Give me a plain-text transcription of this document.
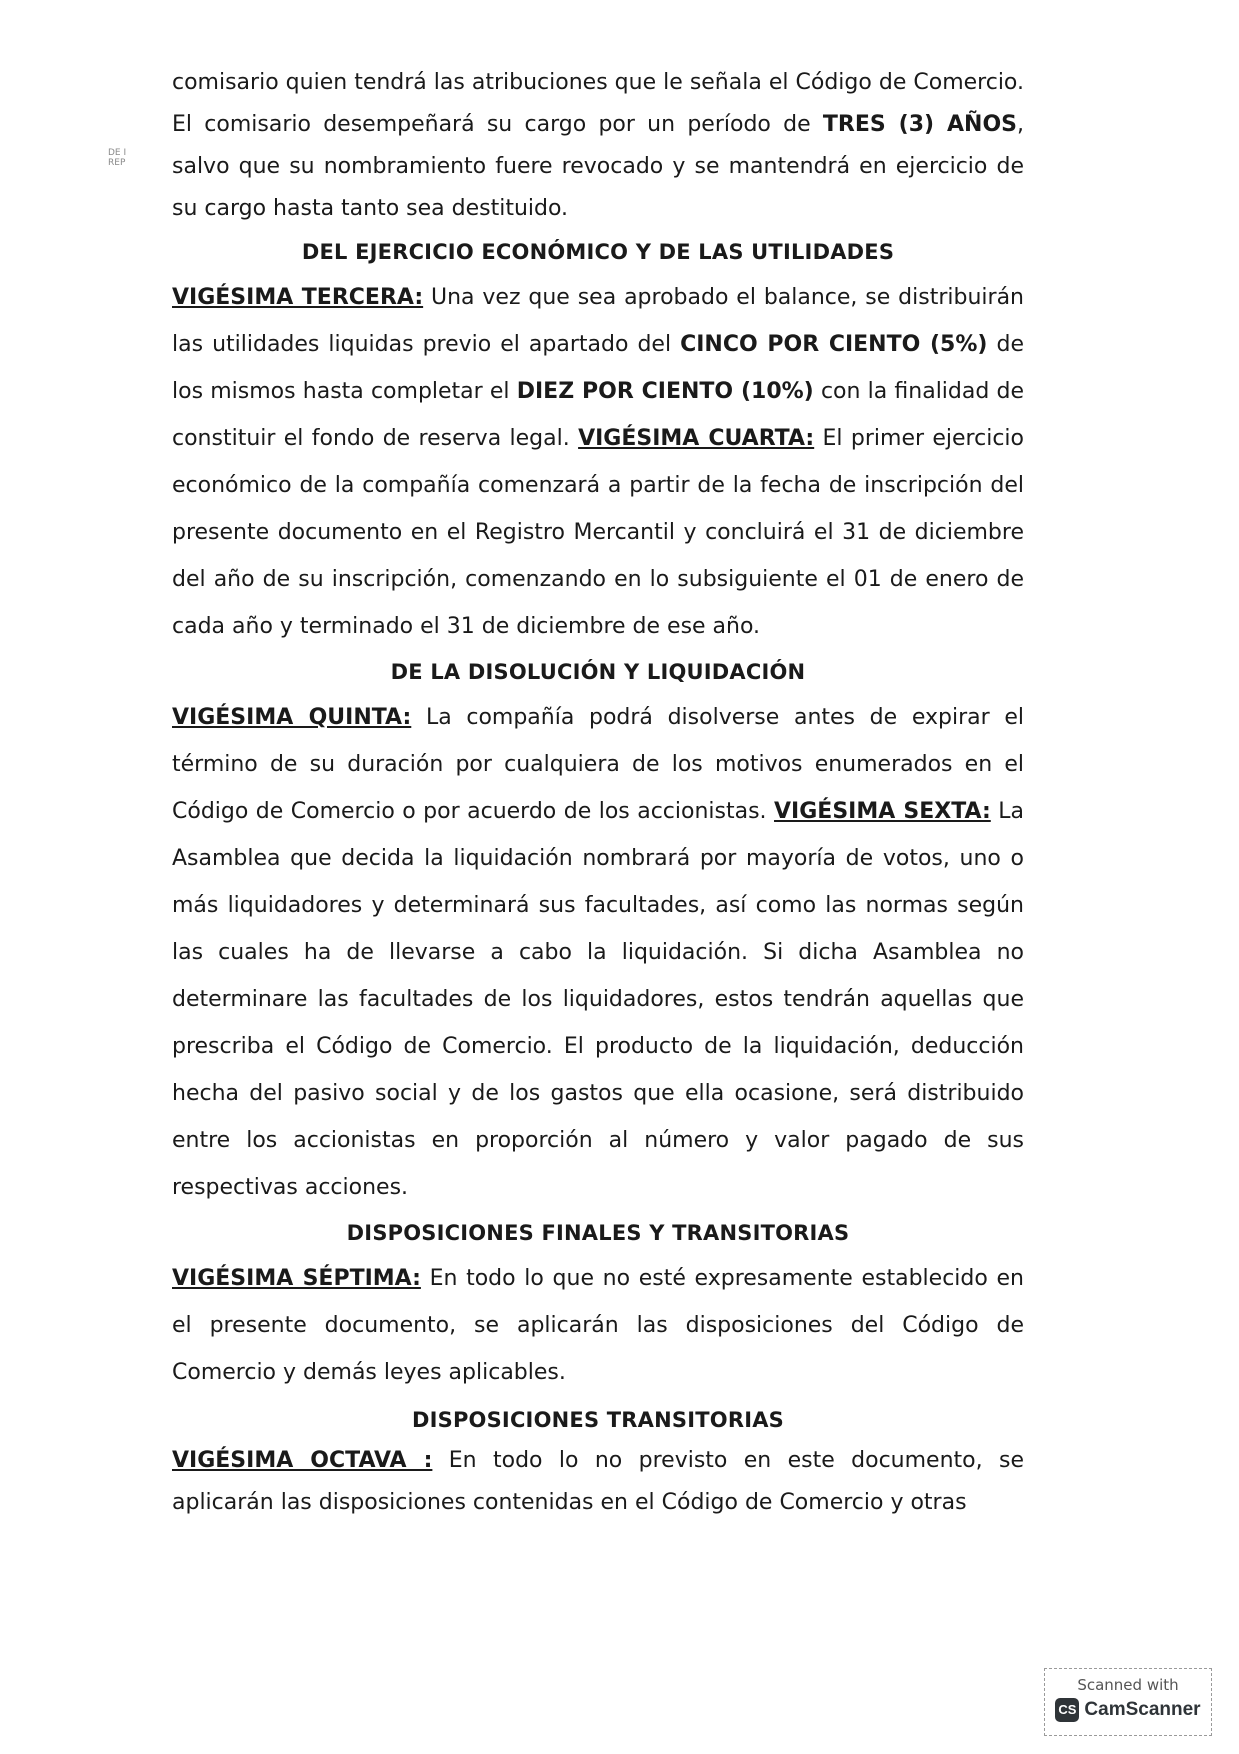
DE I
REP

comisario quien tendrá las atribuciones que le señala el Código de Comercio. El comisario desempeñará su cargo por un período de TRES (3) AÑOS, salvo que su nombramiento fuere revocado y se mantendrá en ejercicio de su cargo hasta tanto sea destituido.

DEL EJERCICIO ECONÓMICO Y DE LAS UTILIDADES

VIGÉSIMA TERCERA: Una vez que sea aprobado el balance, se distribuirán las utilidades liquidas previo el apartado del CINCO POR CIENTO (5%) de los mismos hasta completar el DIEZ POR CIENTO (10%) con la finalidad de constituir el fondo de reserva legal. VIGÉSIMA CUARTA: El primer ejercicio económico de la compañía comenzará a partir de la fecha de inscripción del presente documento en el Registro Mercantil y concluirá el 31 de diciembre del año de su inscripción, comenzando en lo subsiguiente el 01 de enero de cada año y terminado el 31 de diciembre de ese año.

DE LA DISOLUCIÓN Y LIQUIDACIÓN

VIGÉSIMA QUINTA: La compañía podrá disolverse antes de expirar el término de su duración por cualquiera de los motivos enumerados en el Código de Comercio o por acuerdo de los accionistas. VIGÉSIMA SEXTA: La Asamblea que decida la liquidación nombrará por mayoría de votos, uno o más liquidadores y determinará sus facultades, así como las normas según las cuales ha de llevarse a cabo la liquidación. Si dicha Asamblea no determinare las facultades de los liquidadores, estos tendrán aquellas que prescriba el Código de Comercio. El producto de la liquidación, deducción hecha del pasivo social y de los gastos que ella ocasione, será distribuido entre los accionistas en proporción al número y valor pagado de sus respectivas acciones.

DISPOSICIONES FINALES Y TRANSITORIAS

VIGÉSIMA SÉPTIMA: En todo lo que no esté expresamente establecido en el presente documento, se aplicarán las disposiciones del Código de Comercio y demás leyes aplicables.

DISPOSICIONES TRANSITORIAS

VIGÉSIMA OCTAVA : En todo lo no previsto en este documento, se aplicarán las disposiciones contenidas en el Código de Comercio y otras

Scanned with
CS CamScanner
